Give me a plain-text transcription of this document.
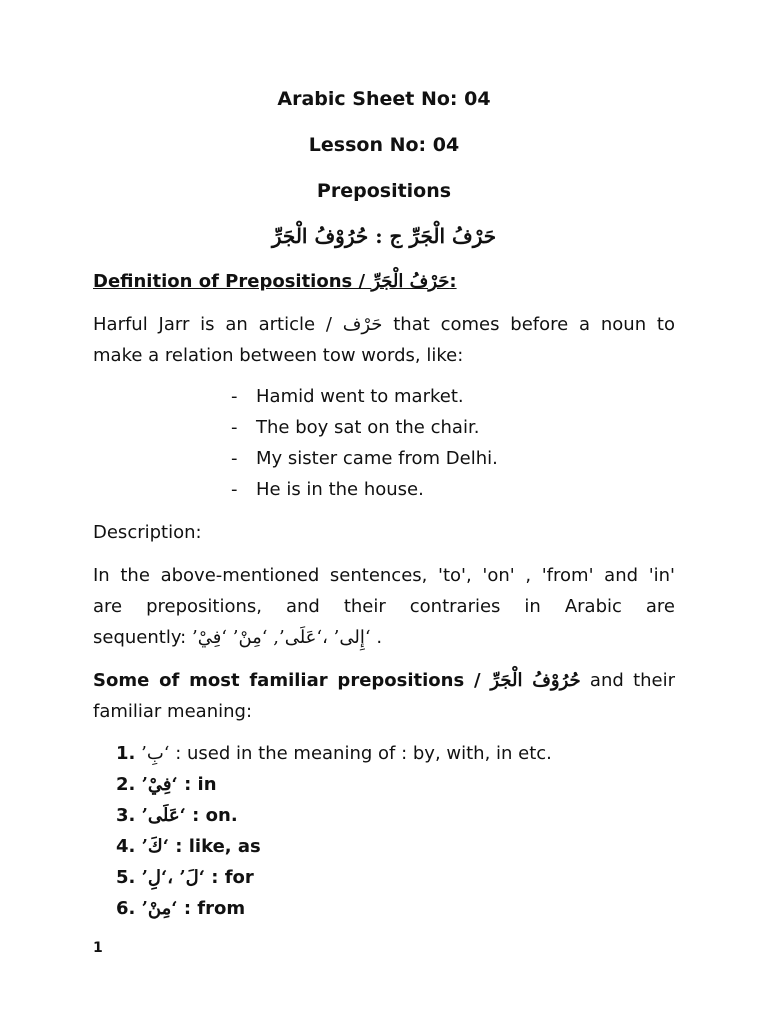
Arabic Sheet No: 04
Lesson No: 04
Prepositions
حَرْفُ الْجَرِّ ج : حُرُوْفُ الْجَرِّ
Definition of Prepositions / حَرْفُ الْجَرِّ:
Harful Jarr is an article / حَرْف that comes before a noun to
make a relation between tow words, like:
-	Hamid went to market.
-	The boy sat on the chair.
-	My sister came from Delhi.
-	He is in the house.
Description:
In the above-mentioned sentences, 'to', 'on' , 'from' and 'in'
are prepositions, and their contraries in Arabic are
sequently: ‘إِلى’ ،‘عَلَى’, ‘مِنْ’ ‘فِيْ’ .
Some of most familiar prepositions / حُرُوْفُ الْجَرِّ and their
familiar meaning:
1. ‘بِ’ : used in the meaning of : by, with, in etc.
2. ‘فِيْ’ : in
3. ‘عَلَى’ : on.
4. ‘كَ’ : like, as
5. ‘لَ’ ،‘لِ’ : for
6. ‘مِنْ’ : from
1
